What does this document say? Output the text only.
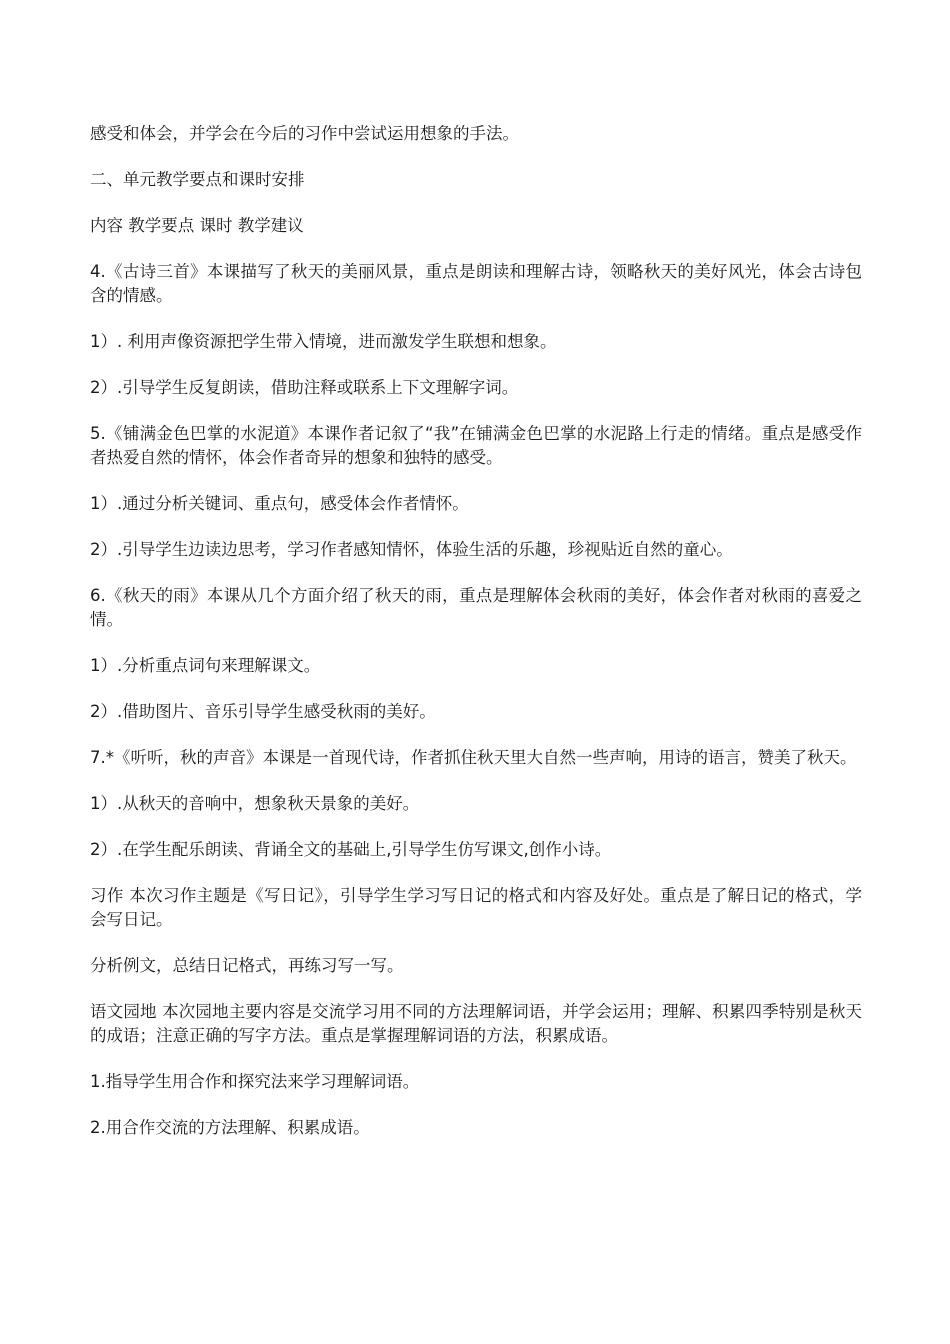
感受和体会，并学会在今后的习作中尝试运用想象的手法。

二、单元教学要点和课时安排

内容 教学要点 课时 教学建议

4.《古诗三首》本课描写了秋天的美丽风景，重点是朗读和理解古诗，领略秋天的美好风光，体会古诗包含的情感。

1）. 利用声像资源把学生带入情境，进而激发学生联想和想象。

2）.引导学生反复朗读，借助注释或联系上下文理解字词。

5.《铺满金色巴掌的水泥道》本课作者记叙了“我”在铺满金色巴掌的水泥路上行走的情绪。重点是感受作者热爱自然的情怀，体会作者奇异的想象和独特的感受。

1）.通过分析关键词、重点句，感受体会作者情怀。

2）.引导学生边读边思考，学习作者感知情怀，体验生活的乐趣，珍视贴近自然的童心。

6.《秋天的雨》本课从几个方面介绍了秋天的雨，重点是理解体会秋雨的美好，体会作者对秋雨的喜爱之情。

1）.分析重点词句来理解课文。

2）.借助图片、音乐引导学生感受秋雨的美好。

7.*《听听，秋的声音》本课是一首现代诗，作者抓住秋天里大自然一些声响，用诗的语言，赞美了秋天。

1）.从秋天的音响中，想象秋天景象的美好。

2）.在学生配乐朗读、背诵全文的基础上,引导学生仿写课文,创作小诗。

习作 本次习作主题是《写日记》，引导学生学习写日记的格式和内容及好处。重点是了解日记的格式，学会写日记。

分析例文，总结日记格式，再练习写一写。

语文园地 本次园地主要内容是交流学习用不同的方法理解词语，并学会运用；理解、积累四季特别是秋天的成语；注意正确的写字方法。重点是掌握理解词语的方法，积累成语。

1.指导学生用合作和探究法来学习理解词语。

2.用合作交流的方法理解、积累成语。
